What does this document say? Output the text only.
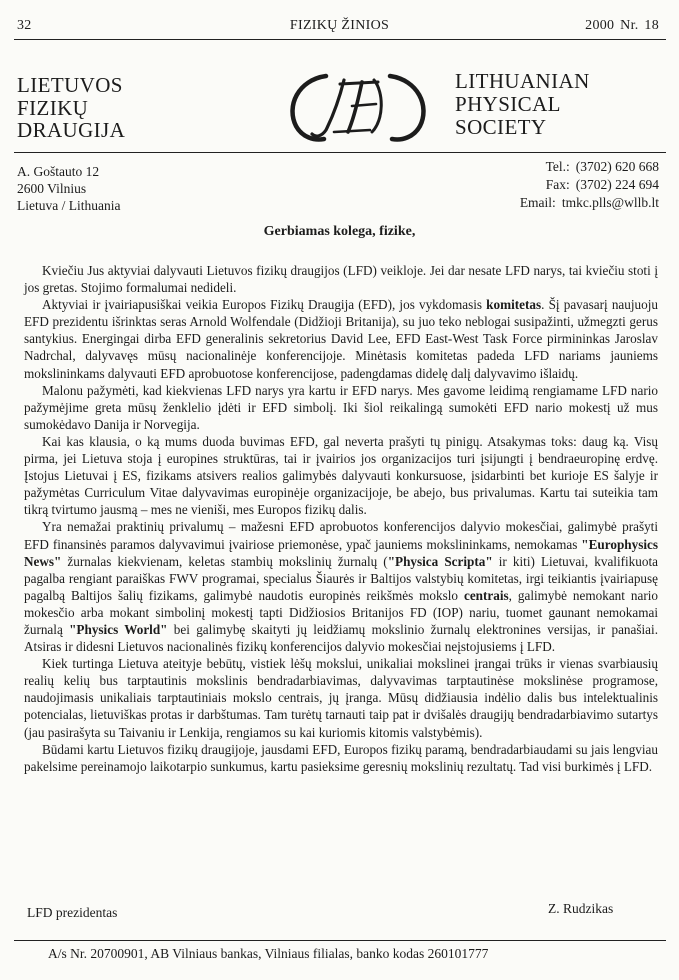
32	FIZIKŲ ŽINIOS	2000 Nr. 18
LIETUVOS
FIZIKŲ
DRAUGIJA
LITHUANIAN
PHYSICAL
SOCIETY
A. Goštauto 12
2600 Vilnius
Lietuva / Lithuania
Tel.: (3702) 620 668
Fax: (3702) 224 694
Email: tmkc.plls@wllb.lt
Gerbiamas kolega, fizike,

Kviečiu Jus aktyviai dalyvauti Lietuvos fizikų draugijos (LFD) veikloje. Jei dar nesate LFD narys, tai kviečiu stoti į jos gretas. Stojimo formalumai nedideli.

Aktyviai ir įvairiapusiškai veikia Europos Fizikų Draugija (EFD), jos vykdomasis komitetas. Šį pavasarį naujuoju EFD prezidentu išrinktas seras Arnold Wolfendale (Didžioji Britanija), su juo teko neblogai susipažinti, užmegzti gerus santykius. Energingai dirba EFD generalinis sekretorius David Lee, EFD East-West Task Force pirmininkas Jaroslav Nadrchal, dalyvavęs mūsų nacionalinėje konferencijoje. Minėtasis komitetas padeda LFD nariams jauniems mokslininkams dalyvauti EFD aprobuotose konferencijose, padengdamas didelę dalį dalyvavimo išlaidų.

Malonu pažymėti, kad kiekvienas LFD narys yra kartu ir EFD narys. Mes gavome leidimą rengiamame LFD nario pažymėjime greta mūsų ženklelio įdėti ir EFD simbolį. Iki šiol reikalingą sumokėti EFD nario mokestį už mus sumokėdavo Danija ir Norvegija.

Kai kas klausia, o ką mums duoda buvimas EFD, gal neverta prašyti tų pinigų. Atsakymas toks: daug ką. Visų pirma, jei Lietuva stoja į europines struktūras, tai ir įvairios jos organizacijos turi įsijungti į bendraeuropinę erdvę. Įstojus Lietuvai į ES, fizikams atsivers realios galimybės dalyvauti konkursuose, įsidarbinti bet kurioje ES šalyje ir pažymėtas Curriculum Vitae dalyvavimas europinėje organizacijoje, be abejo, bus privalumas. Kartu tai suteikia tam tikrą tvirtumo jausmą – mes ne vieniši, mes Europos fizikų dalis.

Yra nemažai praktinių privalumų – mažesni EFD aprobuotos konferencijos dalyvio mokesčiai, galimybė prašyti EFD finansinės paramos dalyvavimui įvairiose priemonėse, ypač jauniems mokslininkams, nemokamas "Europhysics News" žurnalas kiekvienam, keletas stambių mokslinių žurnalų ("Physica Scripta" ir kiti) Lietuvai, kvalifikuota pagalba rengiant paraiškas FWV programai, specialus Šiaurės ir Baltijos valstybių komitetas, irgi teikiantis įvairiapusę pagalbą Baltijos šalių fizikams, galimybė naudotis europinės reikšmės mokslo centrais, galimybė nemokant nario mokesčio arba mokant simbolinį mokestį tapti Didžiosios Britanijos FD (IOP) nariu, tuomet gaunant nemokamai žurnalą "Physics World" bei galimybę skaityti jų leidžiamų mokslinio žurnalų elektronines versijas, ir panašiai. Atsiras ir didesni Lietuvos nacionalinės fizikų konferencijos dalyvio mokesčiai neįstojusiems į LFD.

Kiek turtinga Lietuva ateityje bebūtų, vistiek lėšų mokslui, unikaliai mokslinei įrangai trūks ir vienas svarbiausių realių kelių bus tarptautinis mokslinis bendradarbiavimas, dalyvavimas tarptautinėse mokslinėse programose, naudojimasis unikaliais tarptautiniais mokslo centrais, jų įranga. Mūsų didžiausia indėlio dalis bus intelektualinis potencialas, lietuviškas protas ir darbštumas. Tam turėtų tarnauti taip pat ir dvišalės draugijų bendradarbiavimo sutartys (jau pasirašyta su Taivaniu ir Lenkija, rengiamos su kai kuriomis kitomis valstybėmis).

Būdami kartu Lietuvos fizikų draugijoje, jausdami EFD, Europos fizikų paramą, bendradarbiaudami su jais lengviau pakelsime pereinamojo laikotarpio sunkumus, kartu pasieksime geresnių mokslinių rezultatų. Tad visi burkimės į LFD.

LFD prezidentas	Z. Rudzikas
A/s Nr. 20700901, AB Vilniaus bankas, Vilniaus filialas, banko kodas 260101777
